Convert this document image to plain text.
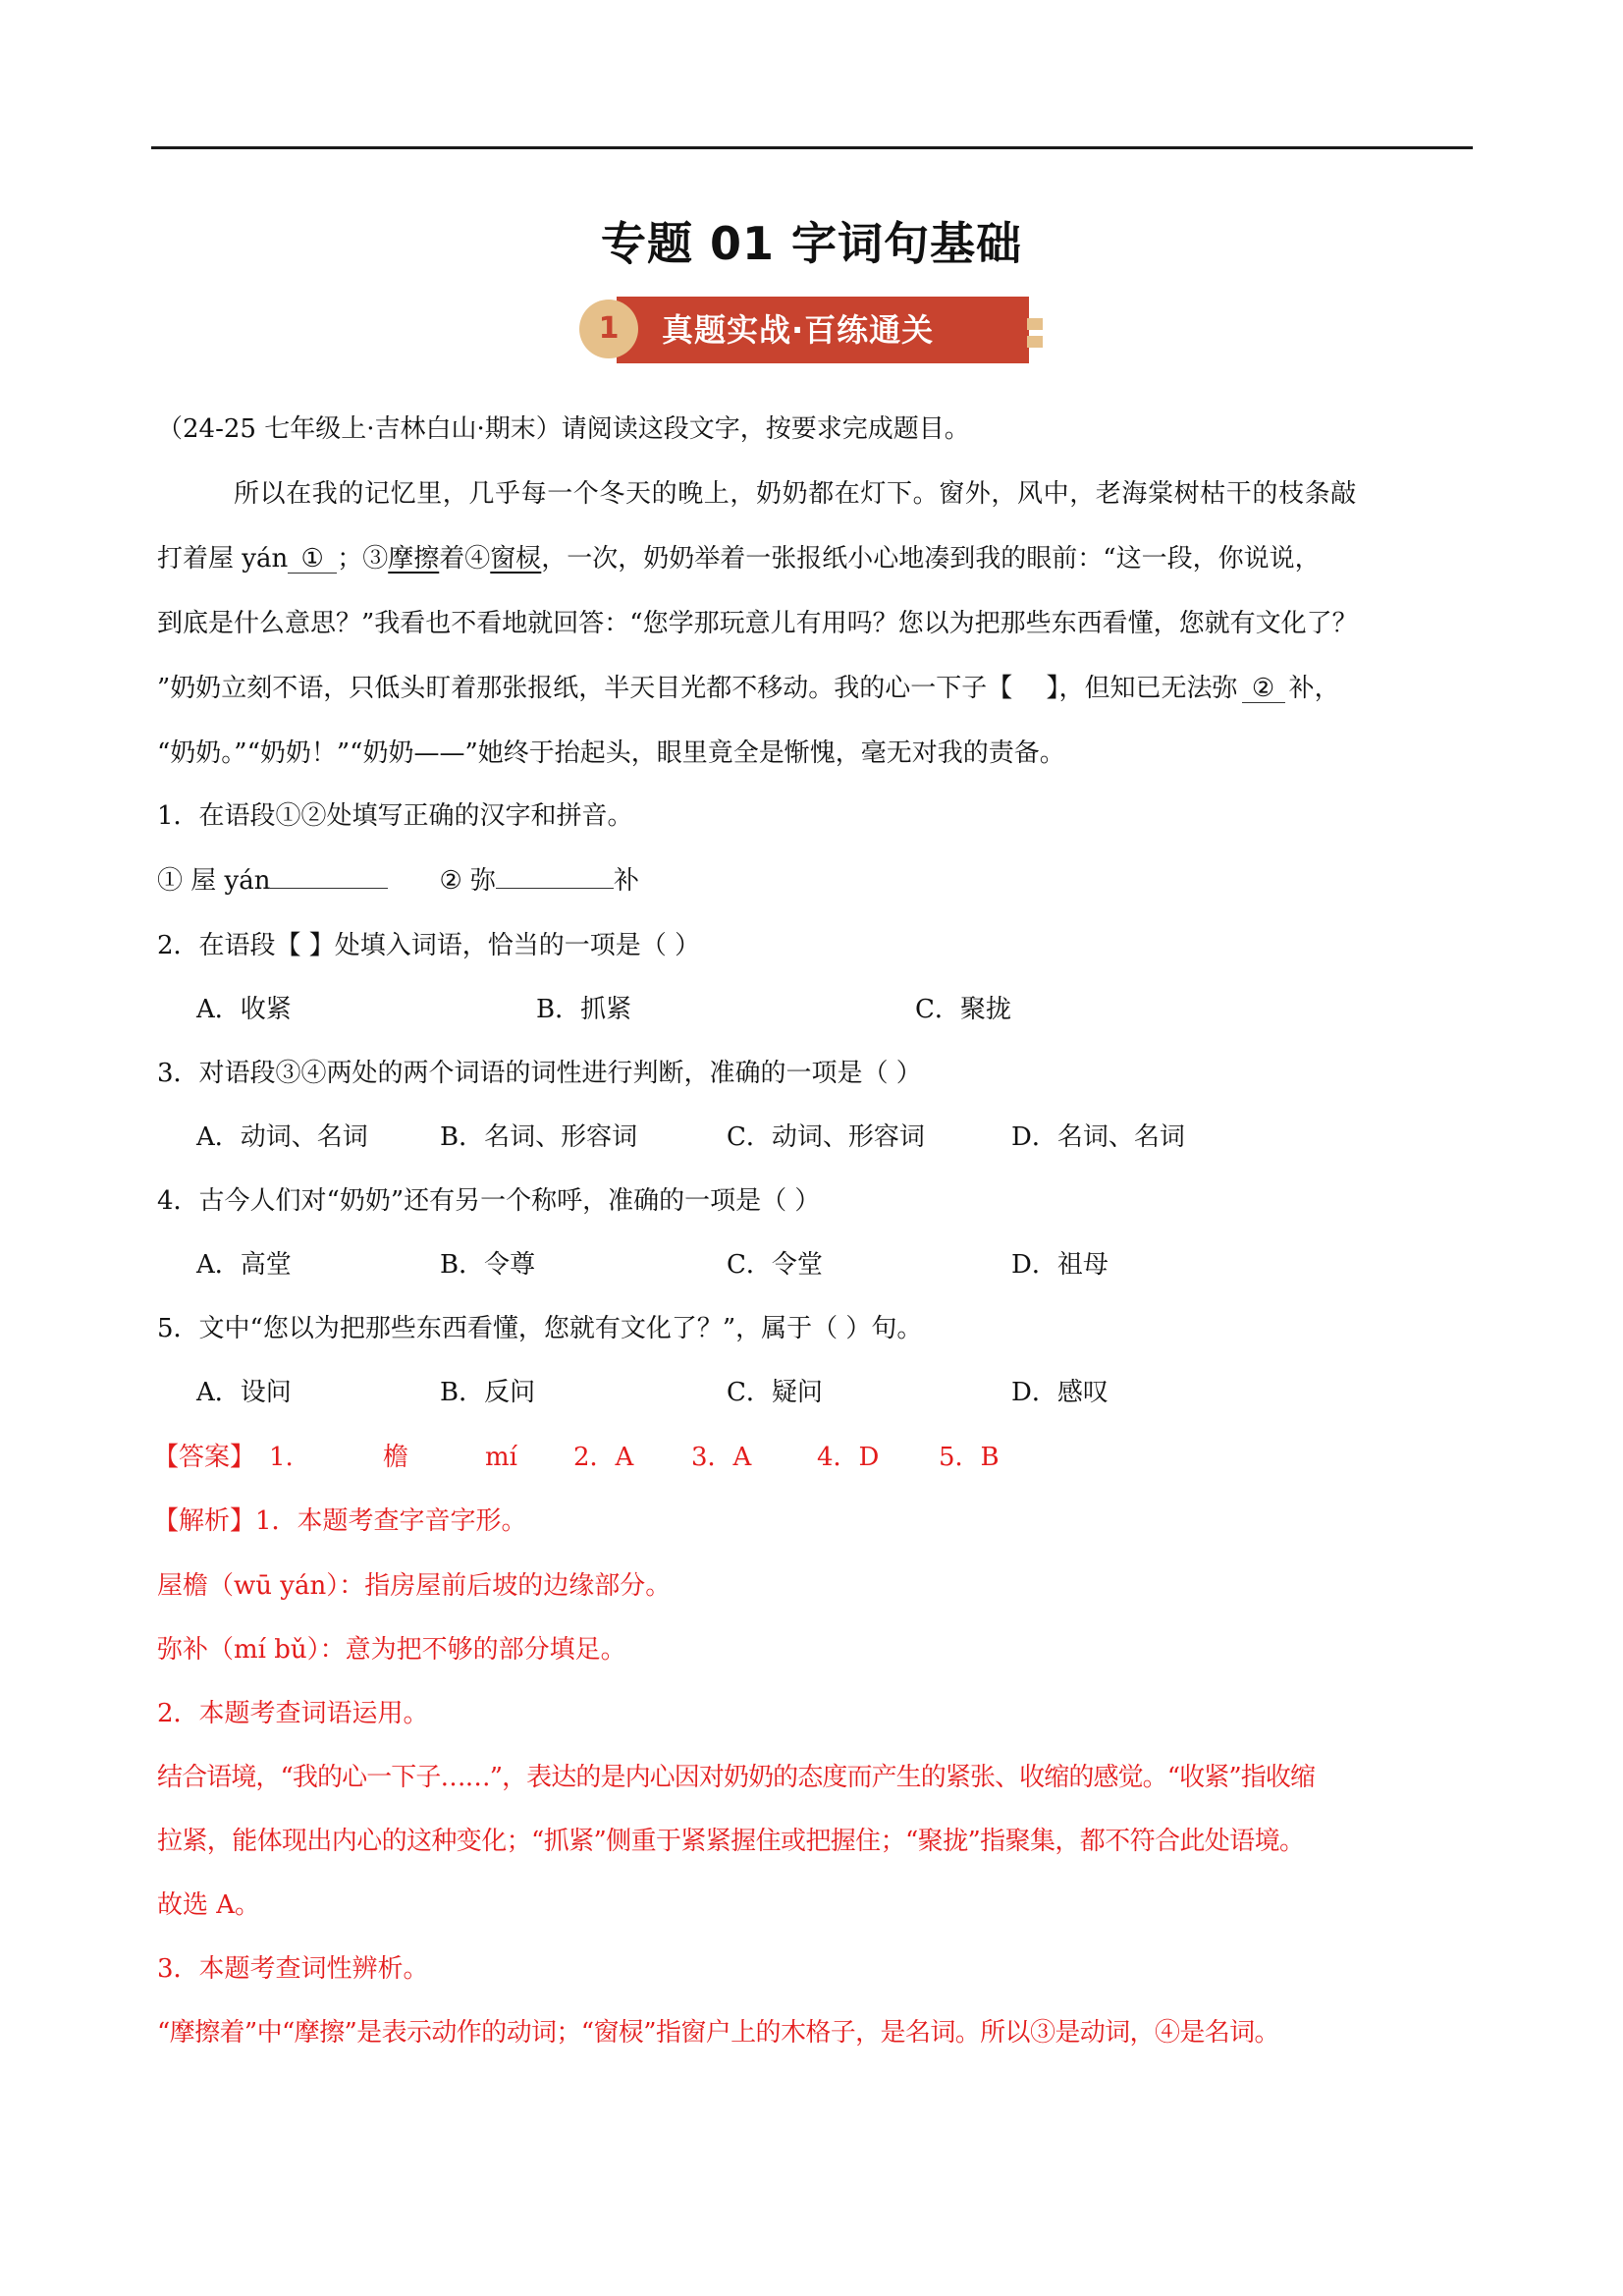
专题 01 字词句基础
1	真题实战·百练通关
（24-25 七年级上·吉林白山·期末）请阅读这段文字，按要求完成题目。
所以在我的记忆里，几乎每一个冬天的晚上，奶奶都在灯下。窗外，风中，老海棠树枯干的枝条敲
打着屋 yán ① ；③摩擦着④窗棂，一次，奶奶举着一张报纸小心地凑到我的眼前：“这一段，你说说，
到底是什么意思？”我看也不看地就回答：“您学那玩意儿有用吗？您以为把那些东西看懂，您就有文化了？
”奶奶立刻不语，只低头盯着那张报纸，半天目光都不移动。我的心一下子【　 】，但知已无法弥 ② 补，
“奶奶。”“奶奶！”“奶奶——”她终于抬起头，眼里竟全是惭愧，毫无对我的责备。
1．在语段①②处填写正确的汉字和拼音。
① 屋 yán	② 弥	补
2．在语段【 】处填入词语，恰当的一项是（ ）
A．收紧	B．抓紧	C．聚拢
3．对语段③④两处的两个词语的词性进行判断，准确的一项是（ ）
A．动词、名词	B．名词、形容词	C．动词、形容词	D．名词、名词
4．古今人们对“奶奶”还有另一个称呼，准确的一项是（ ）
A．高堂	B．令尊	C．令堂	D．祖母
5．文中“您以为把那些东西看懂，您就有文化了？”，属于（ ）句。
A．设问	B．反问	C．疑问	D．感叹
【答案】 1.	檐	mí 2．A 3．A	4．D 5．B
【解析】1．本题考查字音字形。
屋檐（wū yán）：指房屋前后坡的边缘部分。
弥补（mí bǔ）：意为把不够的部分填足。
2．本题考查词语运用。
结合语境，“我的心一下子……”，表达的是内心因对奶奶的态度而产生的紧张、收缩的感觉。“收紧”指收缩
拉紧，能体现出内心的这种变化；“抓紧”侧重于紧紧握住或把握住；“聚拢”指聚集，都不符合此处语境。
故选 A。
3．本题考查词性辨析。
“摩擦着”中“摩擦”是表示动作的动词；“窗棂”指窗户上的木格子，是名词。所以③是动词，④是名词。
